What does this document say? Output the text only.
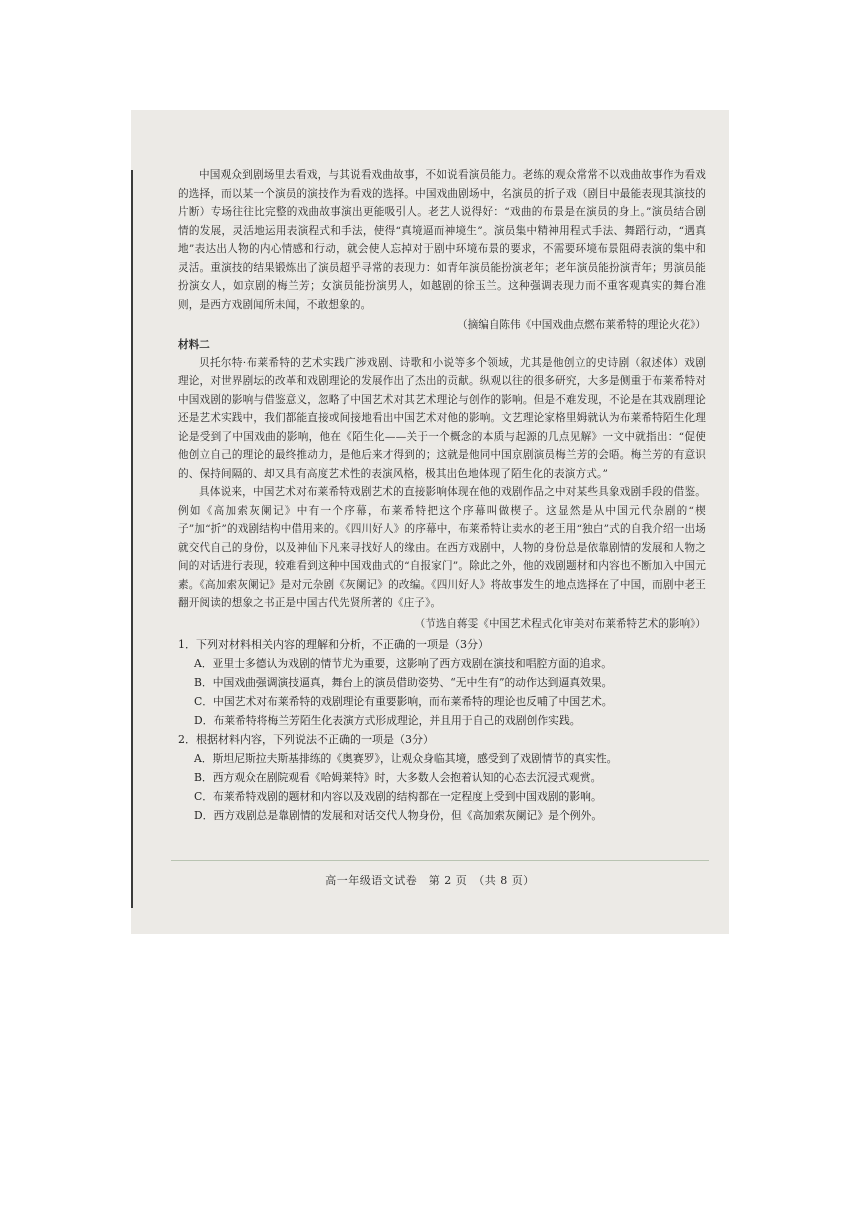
中国观众到剧场里去看戏，与其说看戏曲故事，不如说看演员能力。老练的观众常常不以戏曲故事作为看戏的选择，而以某一个演员的演技作为看戏的选择。中国戏曲剧场中，名演员的折子戏（剧目中最能表现其演技的片断）专场往往比完整的戏曲故事演出更能吸引人。老艺人说得好：“戏曲的布景是在演员的身上。”演员结合剧情的发展，灵活地运用表演程式和手法，使得“真境逼而神境生”。演员集中精神用程式手法、舞蹈行动，“遇真地”表达出人物的内心情感和行动，就会使人忘掉对于剧中环境布景的要求，不需要环境布景阻碍表演的集中和灵活。重演技的结果锻炼出了演员超乎寻常的表现力：如青年演员能扮演老年；老年演员能扮演青年；男演员能扮演女人，如京剧的梅兰芳；女演员能扮演男人，如越剧的徐玉兰。这种强调表现力而不重客观真实的舞台准则，是西方戏剧闻所未闻，不敢想象的。

（摘编自陈伟《中国戏曲点燃布莱希特的理论火花》）

材料二

贝托尔特·布莱希特的艺术实践广涉戏剧、诗歌和小说等多个领域，尤其是他创立的史诗剧（叙述体）戏剧理论，对世界剧坛的改革和戏剧理论的发展作出了杰出的贡献。纵观以往的很多研究，大多是侧重于布莱希特对中国戏剧的影响与借鉴意义，忽略了中国艺术对其艺术理论与创作的影响。但是不难发现，不论是在其戏剧理论还是艺术实践中，我们都能直接或间接地看出中国艺术对他的影响。文艺理论家格里姆就认为布莱希特陌生化理论是受到了中国戏曲的影响，他在《陌生化——关于一个概念的本质与起源的几点见解》一文中就指出：“促使他创立自己的理论的最终推动力，是他后来才得到的；这就是他同中国京剧演员梅兰芳的会晤。梅兰芳的有意识的、保持间隔的、却又具有高度艺术性的表演风格，极其出色地体现了陌生化的表演方式。”

具体说来，中国艺术对布莱希特戏剧艺术的直接影响体现在他的戏剧作品之中对某些具象戏剧手段的借鉴。例如《高加索灰阑记》中有一个序幕，布莱希特把这个序幕叫做楔子。这显然是从中国元代杂剧的“楔子”加“折”的戏剧结构中借用来的。《四川好人》的序幕中，布莱希特让卖水的老王用“独白”式的自我介绍一出场就交代自己的身份，以及神仙下凡来寻找好人的缘由。在西方戏剧中，人物的身份总是依靠剧情的发展和人物之间的对话进行表现，较难看到这种中国戏曲式的“自报家门”。除此之外，他的戏剧题材和内容也不断加入中国元素。《高加索灰阑记》是对元杂剧《灰阑记》的改编。《四川好人》将故事发生的地点选择在了中国，而剧中老王翻开阅读的想象之书正是中国古代先贤所著的《庄子》。

（节选自蒋雯《中国艺术程式化审美对布莱希特艺术的影响》）

1．下列对材料相关内容的理解和分析，不正确的一项是（3分）

A．亚里士多德认为戏剧的情节尤为重要，这影响了西方戏剧在演技和唱腔方面的追求。

B．中国戏曲强调演技逼真，舞台上的演员借助姿势、“无中生有”的动作达到逼真效果。

C．中国艺术对布莱希特的戏剧理论有重要影响，而布莱希特的理论也反哺了中国艺术。

D．布莱希特将梅兰芳陌生化表演方式形成理论，并且用于自己的戏剧创作实践。

2．根据材料内容，下列说法不正确的一项是（3分）

A．斯坦尼斯拉夫斯基排练的《奥赛罗》，让观众身临其境，感受到了戏剧情节的真实性。

B．西方观众在剧院观看《哈姆莱特》时，大多数人会抱着认知的心态去沉浸式观赏。

C．布莱希特戏剧的题材和内容以及戏剧的结构都在一定程度上受到中国戏剧的影响。

D．西方戏剧总是靠剧情的发展和对话交代人物身份，但《高加索灰阑记》是个例外。

高一年级语文试卷　第 2 页　（共 8 页）
